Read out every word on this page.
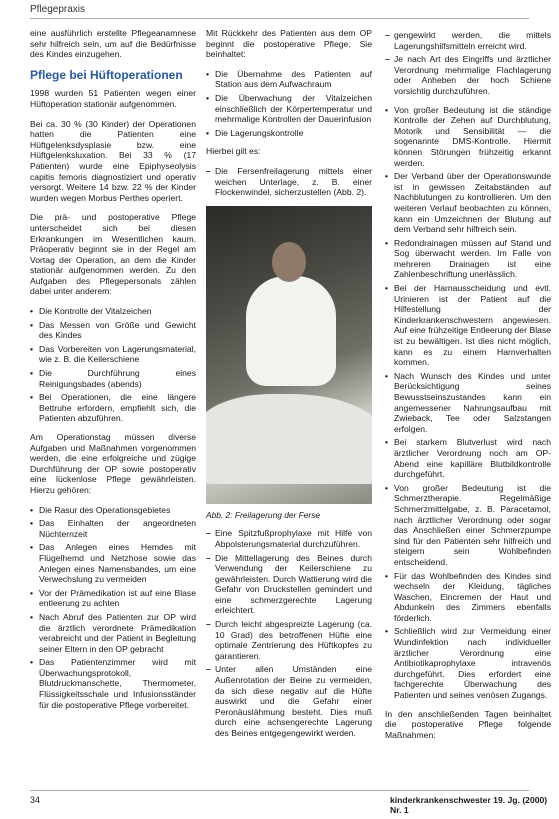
Pflegepraxis

eine ausführlich erstellte Pflegeanamnese sehr hilfreich sein, um auf die Bedürfnisse des Kindes einzugehen.

Pflege bei Hüftoperationen

1998 wurden 51 Patienten wegen einer Hüftoperation stationär aufgenommen.

Bei ca. 30 % (30 Kinder) der Operationen hatten die Patienten eine Hüftgelenksdysplasie bzw. eine Hüftgelenksluxation. Bei 33 % (17 Patienten) wurde eine Epiphyseolysis capitis femoris diagnostiziert und operativ versorgt. Weitere 14 bzw. 22 % der Kinder wurden wegen Morbus Perthes operiert.

Die prä- und postoperative Pflege unterscheidet sich bei diesen Erkrankungen im Wesentlichen kaum. Präoperativ beginnt sie in der Regel am Vortag der Operation, an dem die Kinder stationär aufgenommen werden. Zu den Aufgaben des Pflegepersonals zählen dabei unter anderem:

• Die Kontrolle der Vitalzeichen
• Das Messen von Größe und Gewicht des Kindes
• Das Vorbereiten von Lagerungsmaterial, wie z. B. die Keilerschiene
• Die Durchführung eines Reinigungsbades (abends)
• Bei Operationen, die eine längere Bettruhe erfordern, empfiehlt sich, die Patienten abzuführen.

Am Operationstag müssen diverse Aufgaben und Maßnahmen vorgenommen werden, die eine erfolgreiche und zügige Durchführung der OP sowie postoperativ eine lückenlose Pflege gewährleisten. Hierzu gehören:

• Die Rasur des Operationsgebietes
• Das Einhalten der angeordneten Nüchternzeit
• Das Anlegen eines Hemdes mit Flügelhemd und Netzhose sowie das Anlegen eines Namensbandes, um eine Verwechslung zu vermeiden
• Vor der Prämedikation ist auf eine Blase entleerung zu achten
• Nach Abruf des Patienten zur OP wird die ärztlich verordnete Prämedikation verabreicht und der Patient in Begleitung seiner Eltern in den OP gebracht
• Das Patientenzimmer wird mit Überwachungsprotokoll, Blutdruckmanschette, Thermometer, Flüssigkeitsschale und Infusionsständer für die postoperative Pflege vorbereitet.

Mit Rückkehr des Patienten aus dem OP beginnt die postoperative Pflege. Sie beinhaltet:

• Die Übernahme des Patienten auf Station aus dem Aufwachraum
• Die Überwachung der Vitalzeichen einschließlich der Körpertemperatur und mehrmalige Kontrollen der Dauerinfusion
• Die Lagerungskontrolle

Hierbei gilt es:

– Die Fersenfreilagerung mittels einer weichen Unterlage, z. B. einer Flockenwindel, sicherzustellen (Abb. 2).
Abb. 2: Freilagerung der Ferse
– Eine Spitzfußprophylaxe mit Hilfe von Abpolsterungsmaterial durchzuführen.
– Die Mittellagerung des Beines durch Verwendung der Keilerschiene zu gewährleisten. Durch Wattierung wird die Gefahr von Druckstellen gemindert und eine schmerzgerechte Lagerung erleichtert.
– Durch leicht abgespreizte Lagerung (ca. 10 Grad) des betroffenen Hüfte eine optimale Zentrierung des Hüftkopfes zu garantieren.
– Unter allen Umständen eine Außenrotation der Beine zu vermeiden, da sich diese negativ auf die Hüfte auswirkt und die Gefahr einer Peronäuslähmung besteht. Dies muß durch eine achsengerechte Lagerung des Beines entgegengewirkt werden.
– gengewirkt werden, die mittels Lagerungshilfsmitteln erreicht wird.
– Je nach Art des Eingriffs und ärztlicher Verordnung mehrmalige Flachlagerung oder Anheben der hoch Schiene vorsichtig durchzuführen.
• Von großer Bedeutung ist die ständige Kontrolle der Zehen auf Durchblutung, Motorik und Sensibilität — die sogenannte DMS-Kontrolle. Hiermit können Störungen frühzeitig erkannt werden.
• Der Verband über der Operationswunde ist in gewissen Zeitabständen auf Nachblutungen zu kontrollieren. Um den weiteren Verlauf beobachten zu können, kann ein Umzeichnen der Blutung auf dem Verband sehr hilfreich sein.
• Redondrainagen müssen auf Stand und Sog überwacht werden. Im Falle von mehreren Drainagen ist eine Zahlenbeschriftung unerlässlich.
• Bei der Harnausscheidung und evtl. Urinieren ist der Patient auf die Hilfestellung der Kinderkrankenschwestern angewiesen. Auf eine frühzeitige Entleerung der Blase ist zu bewältigen. Ist dies nicht möglich, kann es zu einem Harnverhalten kommen.
• Nach Wunsch des Kindes und unter Berücksichtigung seines Bewusstseinszustandes kann ein angemessener Nahrungsaufbau mit Zwieback, Tee oder Salzstangen erfolgen.
• Bei starkem Blutverlust wird nach ärztlicher Verordnung noch am OP-Abend eine kapilläre Blutbildkontrolle durchgeführt.
• Von großer Bedeutung ist die Schmerztherapie. Regelmäßige Schmerzmittelgabe, z. B. Paracetamol, nach ärztlicher Verordnung oder sogar das Anschließen einer Schmerzpumpe sind für den Patienten sehr hilfreich und steigern sein Wohlbefinden entscheidend.
• Für das Wohlbefinden des Kindes sind wechseln der Kleidung, tägliches Waschen, Eincremen der Haut und Abdunkeln des Zimmers ebenfalls förderlich.
• Schließlich wird zur Vermeidung einer Wundinfektion nach individueller ärztlicher Verordnung eine Antibiotikaprophylaxe intravenös durchgeführt. Dies erfordert eine fachgerechte Überwachung des Patienten und seines venösen Zugangs.

In den anschließenden Tagen beinhaltet die postoperative Pflege folgende Maßnahmen:

34	kinderkrankenschwester 19. Jg. (2000) Nr. 1
